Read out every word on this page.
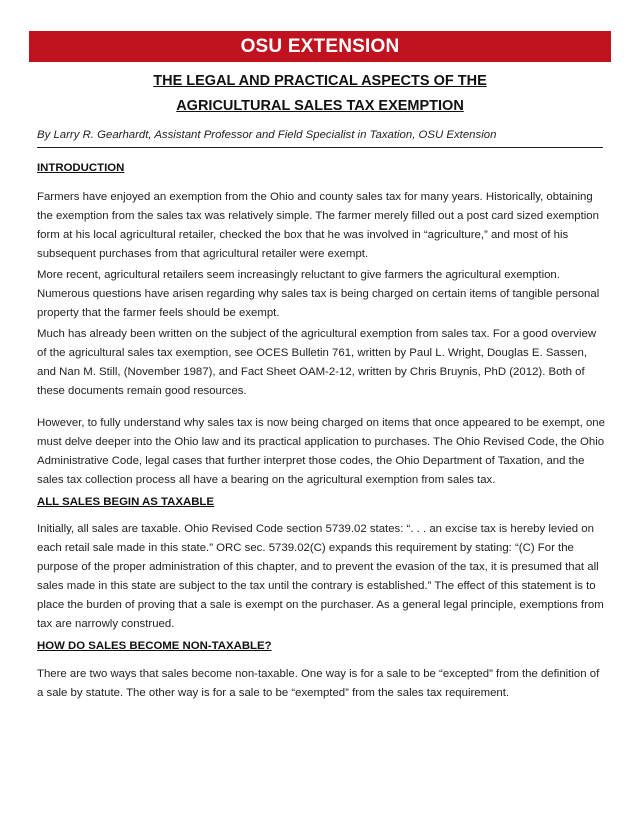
OSU EXTENSION
THE LEGAL AND PRACTICAL ASPECTS OF THE
AGRICULTURAL SALES TAX EXEMPTION
By Larry R. Gearhardt, Assistant Professor and Field Specialist in Taxation, OSU Extension
INTRODUCTION
Farmers have enjoyed an exemption from the Ohio and county sales tax for many years. Historically, obtaining the exemption from the sales tax was relatively simple. The farmer merely filled out a post card sized exemption form at his local agricultural retailer, checked the box that he was involved in “agriculture,” and most of his subsequent purchases from that agricultural retailer were exempt.
More recent, agricultural retailers seem increasingly reluctant to give farmers the agricultural exemption. Numerous questions have arisen regarding why sales tax is being charged on certain items of tangible personal property that the farmer feels should be exempt.
Much has already been written on the subject of the agricultural exemption from sales tax. For a good overview of the agricultural sales tax exemption, see OCES Bulletin 761, written by Paul L. Wright, Douglas E. Sassen, and Nan M. Still, (November 1987), and Fact Sheet OAM-2-12, written by Chris Bruynis, PhD (2012). Both of these documents remain good resources.
However, to fully understand why sales tax is now being charged on items that once appeared to be exempt, one must delve deeper into the Ohio law and its practical application to purchases. The Ohio Revised Code, the Ohio Administrative Code, legal cases that further interpret those codes, the Ohio Department of Taxation, and the sales tax collection process all have a bearing on the agricultural exemption from sales tax.
ALL SALES BEGIN AS TAXABLE
Initially, all sales are taxable. Ohio Revised Code section 5739.02 states: “. . . an excise tax is hereby levied on each retail sale made in this state.” ORC sec. 5739.02(C) expands this requirement by stating: “(C) For the purpose of the proper administration of this chapter, and to prevent the evasion of the tax, it is presumed that all sales made in this state are subject to the tax until the contrary is established.” The effect of this statement is to place the burden of proving that a sale is exempt on the purchaser. As a general legal principle, exemptions from tax are narrowly construed.
HOW DO SALES BECOME NON-TAXABLE?
There are two ways that sales become non-taxable. One way is for a sale to be “excepted” from the definition of a sale by statute. The other way is for a sale to be “exempted” from the sales tax requirement.
